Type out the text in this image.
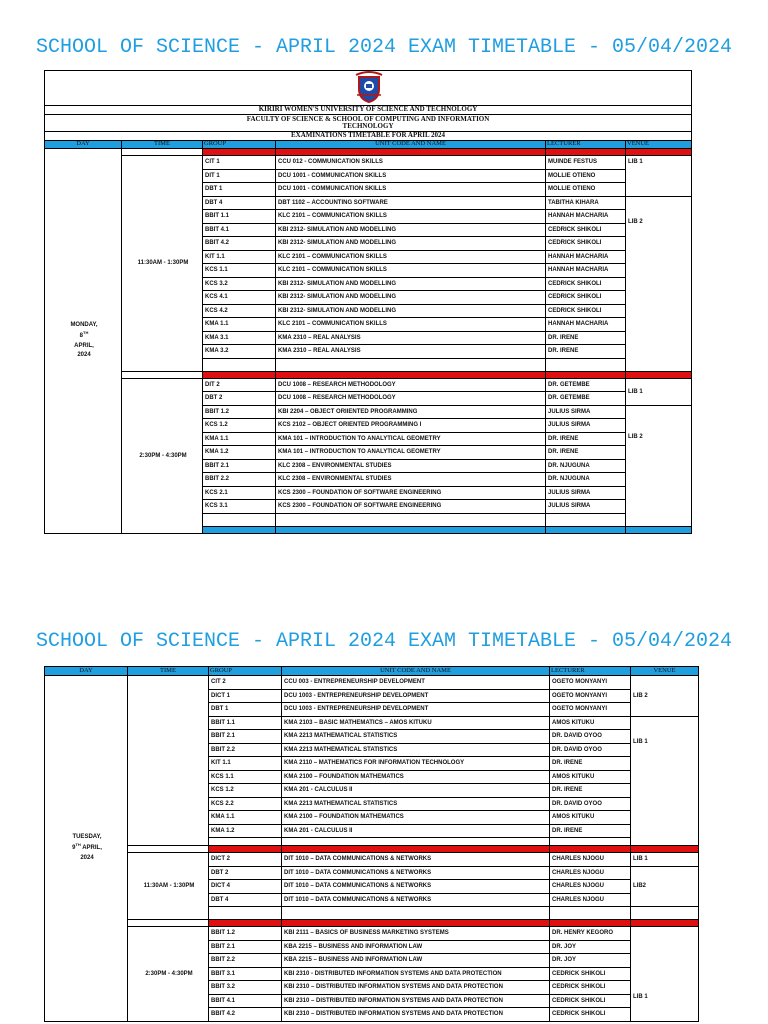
SCHOOL OF SCIENCE - APRIL 2024 EXAM TIMETABLE - 05/04/2024

KIRIRI WOMEN'S UNIVERSITY OF SCIENCE AND TECHNOLOGY						
FACULTY OF SCIENCE & SCHOOL OF COMPUTING AND INFORMATION TECHNOLOGY						
EXAMINATIONS TIMETABLE FOR APRIL 2024						
DAY	TIME	GROUP	UNIT CODE AND NAME	LECTURER	VENUE	
MONDAY,
8TH
APRIL,
2024						
	11:30AM - 1:30PM	CIT 1	CCU 012 - COMMUNICATION SKILLS	MUINDE FESTUS	LIB 1	
		DIT 1	DCU 1001 - COMMUNICATION SKILLS	MOLLIE OTIENO		
		DBT 1	DCU 1001 - COMMUNICATION SKILLS	MOLLIE OTIENO		
		DBT 4	DBT 1102 – ACCOUNTING SOFTWARE	TABITHA KIHARA	LIB 2	
		BBIT 1.1	KLC 2101 – COMMUNICATION SKILLS	HANNAH MACHARIA		
		BBIT 4.1	KBI 2312- SIMULATION AND MODELLING	CEDRICK SHIKOLI		
		BBIT 4.2	KBI 2312- SIMULATION AND MODELLING	CEDRICK SHIKOLI		
		KIT 1.1	KLC 2101 – COMMUNICATION SKILLS	HANNAH MACHARIA		
		KCS 1.1	KLC 2101 – COMMUNICATION SKILLS	HANNAH MACHARIA		
		KCS 3.2	KBI 2312- SIMULATION AND MODELLING	CEDRICK SHIKOLI		
		KCS 4.1	KBI 2312- SIMULATION AND MODELLING	CEDRICK SHIKOLI		
		KCS 4.2	KBI 2312- SIMULATION AND MODELLING	CEDRICK SHIKOLI		
		KMA 1.1	KLC 2101 – COMMUNICATION SKILLS	HANNAH MACHARIA		
		KMA 3.1	KMA 2310 – REAL ANALYSIS	DR. IRENE		
		KMA 3.2	KMA 2310 – REAL ANALYSIS	DR. IRENE		

	2:30PM - 4:30PM	DIT 2	DCU 1008 – RESEARCH METHODOLOGY	DR. GETEMBE	LIB 1	
		DBT 2	DCU 1008 – RESEARCH METHODOLOGY	DR. GETEMBE		
		BBIT 1.2	KBI 2204 – OBJECT ORIIENTED PROGRAMMING	JULIUS SIRMA	LIB 2	
		KCS 1.2	KCS 2102 – OBJECT ORIENTED PROGRAMMING I	JULIUS SIRMA		
		KMA 1.1	KMA 101 – INTRODUCTION TO ANALYTICAL GEOMETRY	DR. IRENE		
		KMA 1.2	KMA 101 – INTRODUCTION TO ANALYTICAL GEOMETRY	DR. IRENE		
		BBIT 2.1	KLC 2308 – ENVIRONMENTAL STUDIES	DR. NJUGUNA		
		BBIT 2.2	KLC 2308 – ENVIRONMENTAL STUDIES	DR. NJUGUNA		
		KCS 2.1	KCS 2300 – FOUNDATION OF SOFTWARE ENGINEERING	JULIUS SIRMA		
		KCS 3.1	KCS 2300 – FOUNDATION OF SOFTWARE ENGINEERING	JULIUS SIRMA		

SCHOOL OF SCIENCE - APRIL 2024 EXAM TIMETABLE - 05/04/2024
DAY	TIME	GROUP	UNIT CODE AND NAME	LECTURER	VENUE
TUESDAY,
9TH APRIL,
2024		CIT 2	CCU 003 - ENTREPRENEURSHIP DEVELOPMENT	OGETO MONYANYI	LIB 2
		DICT 1	DCU 1003 - ENTREPRENEURSHIP DEVELOPMENT	OGETO MONYANYI	
		DBT 1	DCU 1003 - ENTREPRENEURSHIP DEVELOPMENT	OGETO MONYANYI	
		BBIT 1.1	KMA 2103 – BASIC MATHEMATICS – AMOS KITUKU	AMOS KITUKU	LIB 1
		BBIT 2.1	KMA 2213 MATHEMATICAL STATISTICS	DR. DAVID OYOO	
		BBIT 2.2	KMA 2213 MATHEMATICAL STATISTICS	DR. DAVID OYOO	
		KIT 1.1	KMA 2110 – MATHEMATICS FOR INFORMATION TECHNOLOGY	DR. IRENE	
		KCS 1.1	KMA 2100 – FOUNDATION MATHEMATICS	AMOS KITUKU	
		KCS 1.2	KMA 201 - CALCULUS II	DR. IRENE	
		KCS 2.2	KMA 2213 MATHEMATICAL STATISTICS	DR. DAVID OYOO	
		KMA 1.1	KMA 2100 – FOUNDATION MATHEMATICS	AMOS KITUKU	
		KMA 1.2	KMA 201 - CALCULUS II	DR. IRENE	

	11:30AM - 1:30PM	DICT 2	DIT 1010 – DATA COMMUNICATIONS & NETWORKS	CHARLES NJOGU	LIB 1
		DBT 2	DIT 1010 – DATA COMMUNICATIONS & NETWORKS	CHARLES NJOGU	LIB2
		DICT 4	DIT 1010 – DATA COMMUNICATIONS & NETWORKS	CHARLES NJOGU	
		DBT 4	DIT 1010 – DATA COMMUNICATIONS & NETWORKS	CHARLES NJOGU	

	2:30PM - 4:30PM	BBIT 1.2	KBI 2111 – BASICS OF BUSINESS MARKETING SYSTEMS	DR. HENRY KEGORO	LIB 1
		BBIT 2.1	KBA 2215 – BUSINESS AND INFORMATION LAW	DR. JOY	
		BBIT 2.2	KBA 2215 – BUSINESS AND INFORMATION LAW	DR. JOY	
		BBIT 3.1	KBI 2310 - DISTRIBUTED INFORMATION SYSTEMS AND DATA PROTECTION	CEDRICK SHIKOLI	
		BBIT 3.2	KBI 2310 – DISTRIBUTED INFORMATION SYSTEMS AND DATA PROTECTION	CEDRICK SHIKOLI	
		BBIT 4.1	KBI 2310 – DISTRIBUTED INFORMATION SYSTEMS AND DATA PROTECTION	CEDRICK SHIKOLI	
		BBIT 4.2	KBI 2310 – DISTRIBUTED INFORMATION SYSTEMS AND DATA PROTECTION	CEDRICK SHIKOLI	
